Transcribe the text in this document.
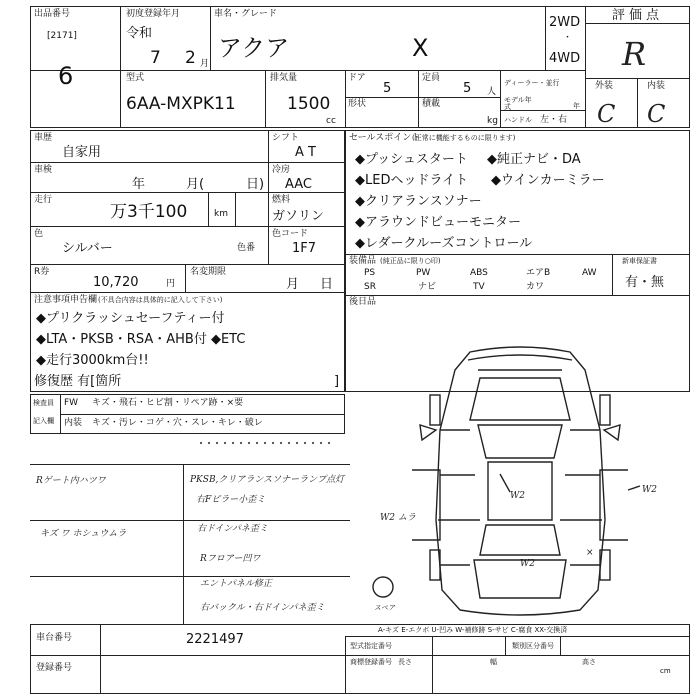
出品番号
[2171]
6
初度登録年月
令和
7 2 月
車名・グレード
アクア	X
2WD
・
4WD
評価点
R
外装	内装
C C
型式
6AA-MXPK11
排気量
1500
cc
ドア
5
定員
5 人
形状	積載
kg
ディーラー・並行
モデル年式	年
ハンドル 左・右
車歴
自家用
シフト
A T
車検
年	月(	日)
冷房
AAC
走行
万3千100	km
燃料
ガソリン
色
シルバー	色番
色コード
1F7
R券
10,720	円
名変期限
月 日
注意事項申告欄 (不具合内容は具体的に記入して下さい)
◆プリクラッシュセーフティー付
◆LTA・PKSB・RSA・AHB付 ◆ETC
◆走行3000km台!!
修復歴 有[箇所	]
セールスポイント
(正常に機能するものに限ります)
◆プッシュスタート ◆純正ナビ・DA
◆LEDヘッドライト ◆ウインカーミラー
◆クリアランスソナー
◆アラウンドビューモニター
◆レダークルーズコントロール
装備品 (純正品に限り○印)	新車保証書
有・無
PS	PW	ABS	エアB	AW
SR	ナビ	TV	カワ
後日品
検査員
記入欄
FW キズ・飛石・ヒビ割・リペア跡・×要
内装 キズ・汚レ・コゲ・穴・スレ・キレ・破レ
Rゲート内ハツワ
キズ ワ ホシュウムラ
PKSB,クリアランスソナーランプ点灯
右Fピラー小歪ミ
右ドインパネ歪ミ
Rフロアー凹ワ
エントパネル修正
右バックル・右ドインパネ歪ミ
W2
W2
W2
W2 ムラ
×
スペア
A-キズ E-エクボ U-凹み W-補修跡 S-サビ C-腐食 XX-交換済
車台番号	2221497
登録番号
型式指定番号	類別区分番号
商標登録番号 長さ	幅	高さ
cm
